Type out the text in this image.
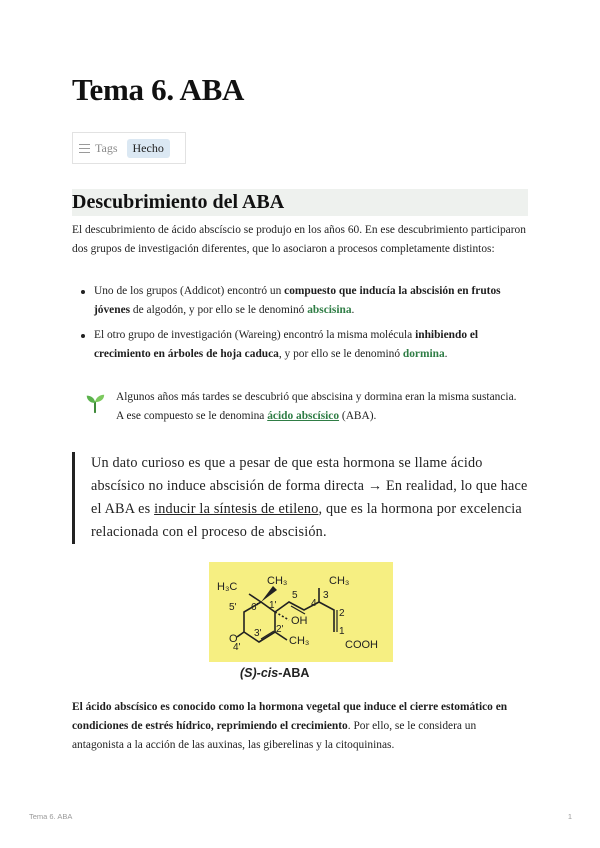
Tema 6. ABA
Tags	Hecho
Descubrimiento del ABA

El descubrimiento de ácido abscíscio se produjo en los años 60. En ese descubrimiento participaron dos grupos de investigación diferentes, que lo asociaron a procesos completamente distintos:

Uno de los grupos (Addicot) encontró un compuesto que inducía la abscisión en frutos jóvenes de algodón, y por ello se le denominó abscisina.
El otro grupo de investigación (Wareing) encontró la misma molécula inhibiendo el crecimiento en árboles de hoja caduca, y por ello se le denominó dormina.
Algunos años más tardes se descubrió que abscisina y dormina eran la misma sustancia. A ese compuesto se le denomina ácido abscísico (ABA).
Un dato curioso es que a pesar de que esta hormona se llame ácido abscísico no induce abscisión de forma directa → En realidad, lo que hace el ABA es inducir la síntesis de etileno, que es la hormona por excelencia relacionada con el proceso de abscisión.
H₃C	CH₃	CH₃
CH₃
OH
COOH
O
5' 6' 1'
2'
3'
4'
5
4
3
2
1
(S)-cis-ABA

El ácido abscísico es conocido como la hormona vegetal que induce el cierre estomático en condiciones de estrés hídrico, reprimiendo el crecimiento. Por ello, se le considera un antagonista a la acción de las auxinas, las giberelinas y la citoquininas.

Tema 6. ABA	1
